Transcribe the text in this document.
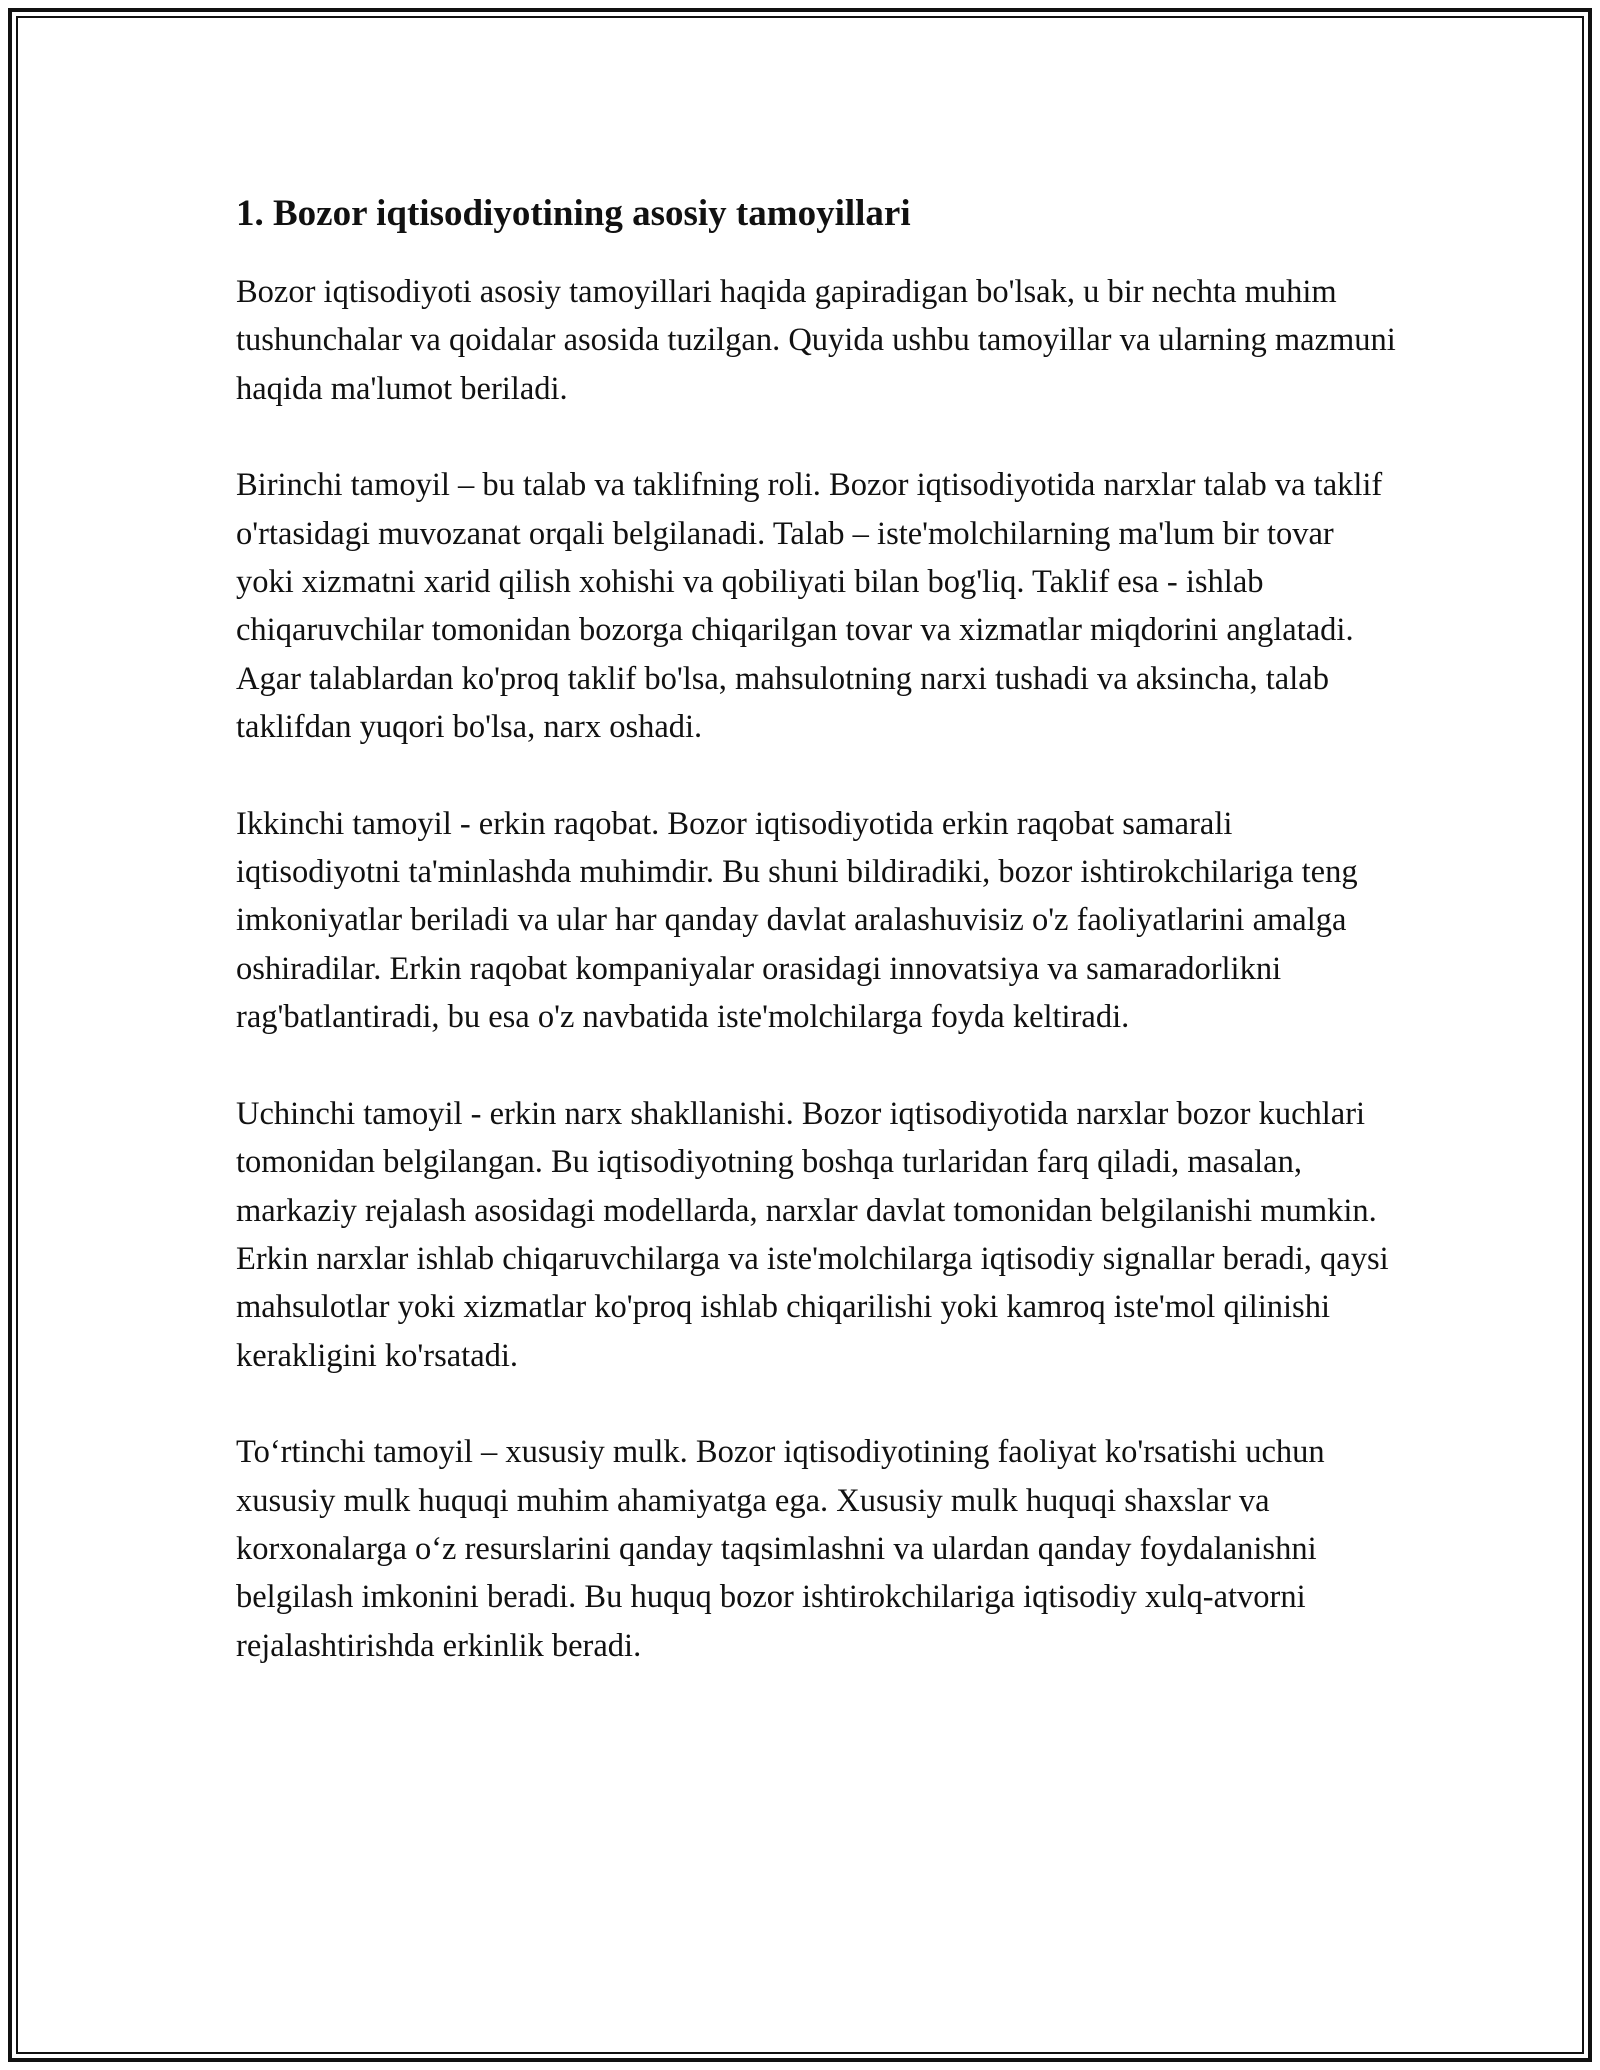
1. Bozor iqtisodiyotining asosiy tamoyillari

Bozor iqtisodiyoti asosiy tamoyillari haqida gapiradigan bo'lsak, u bir nechta muhim tushunchalar va qoidalar asosida tuzilgan. Quyida ushbu tamoyillar va ularning mazmuni haqida ma'lumot beriladi.

Birinchi tamoyil – bu talab va taklifning roli. Bozor iqtisodiyotida narxlar talab va taklif o'rtasidagi muvozanat orqali belgilanadi. Talab – iste'molchilarning ma'lum bir tovar yoki xizmatni xarid qilish xohishi va qobiliyati bilan bog'liq. Taklif esa - ishlab chiqaruvchilar tomonidan bozorga chiqarilgan tovar va xizmatlar miqdorini anglatadi. Agar talablardan ko'proq taklif bo'lsa, mahsulotning narxi tushadi va aksincha, talab taklifdan yuqori bo'lsa, narx oshadi.

Ikkinchi tamoyil - erkin raqobat. Bozor iqtisodiyotida erkin raqobat samarali iqtisodiyotni ta'minlashda muhimdir. Bu shuni bildiradiki, bozor ishtirokchilariga teng imkoniyatlar beriladi va ular har qanday davlat aralashuvisiz o'z faoliyatlarini amalga oshiradilar. Erkin raqobat kompaniyalar orasidagi innovatsiya va samaradorlikni rag'batlantiradi, bu esa o'z navbatida iste'molchilarga foyda keltiradi.

Uchinchi tamoyil - erkin narx shakllanishi. Bozor iqtisodiyotida narxlar bozor kuchlari tomonidan belgilangan. Bu iqtisodiyotning boshqa turlaridan farq qiladi, masalan, markaziy rejalash asosidagi modellarda, narxlar davlat tomonidan belgilanishi mumkin. Erkin narxlar ishlab chiqaruvchilarga va iste'molchilarga iqtisodiy signallar beradi, qaysi mahsulotlar yoki xizmatlar ko'proq ishlab chiqarilishi yoki kamroq iste'mol qilinishi kerakligini ko'rsatadi.

To‘rtinchi tamoyil – xususiy mulk. Bozor iqtisodiyotining faoliyat ko'rsatishi uchun xususiy mulk huquqi muhim ahamiyatga ega. Xususiy mulk huquqi shaxslar va korxonalarga o‘z resurslarini qanday taqsimlashni va ulardan qanday foydalanishni belgilash imkonini beradi. Bu huquq bozor ishtirokchilariga iqtisodiy xulq-atvorni rejalashtirishda erkinlik beradi.
